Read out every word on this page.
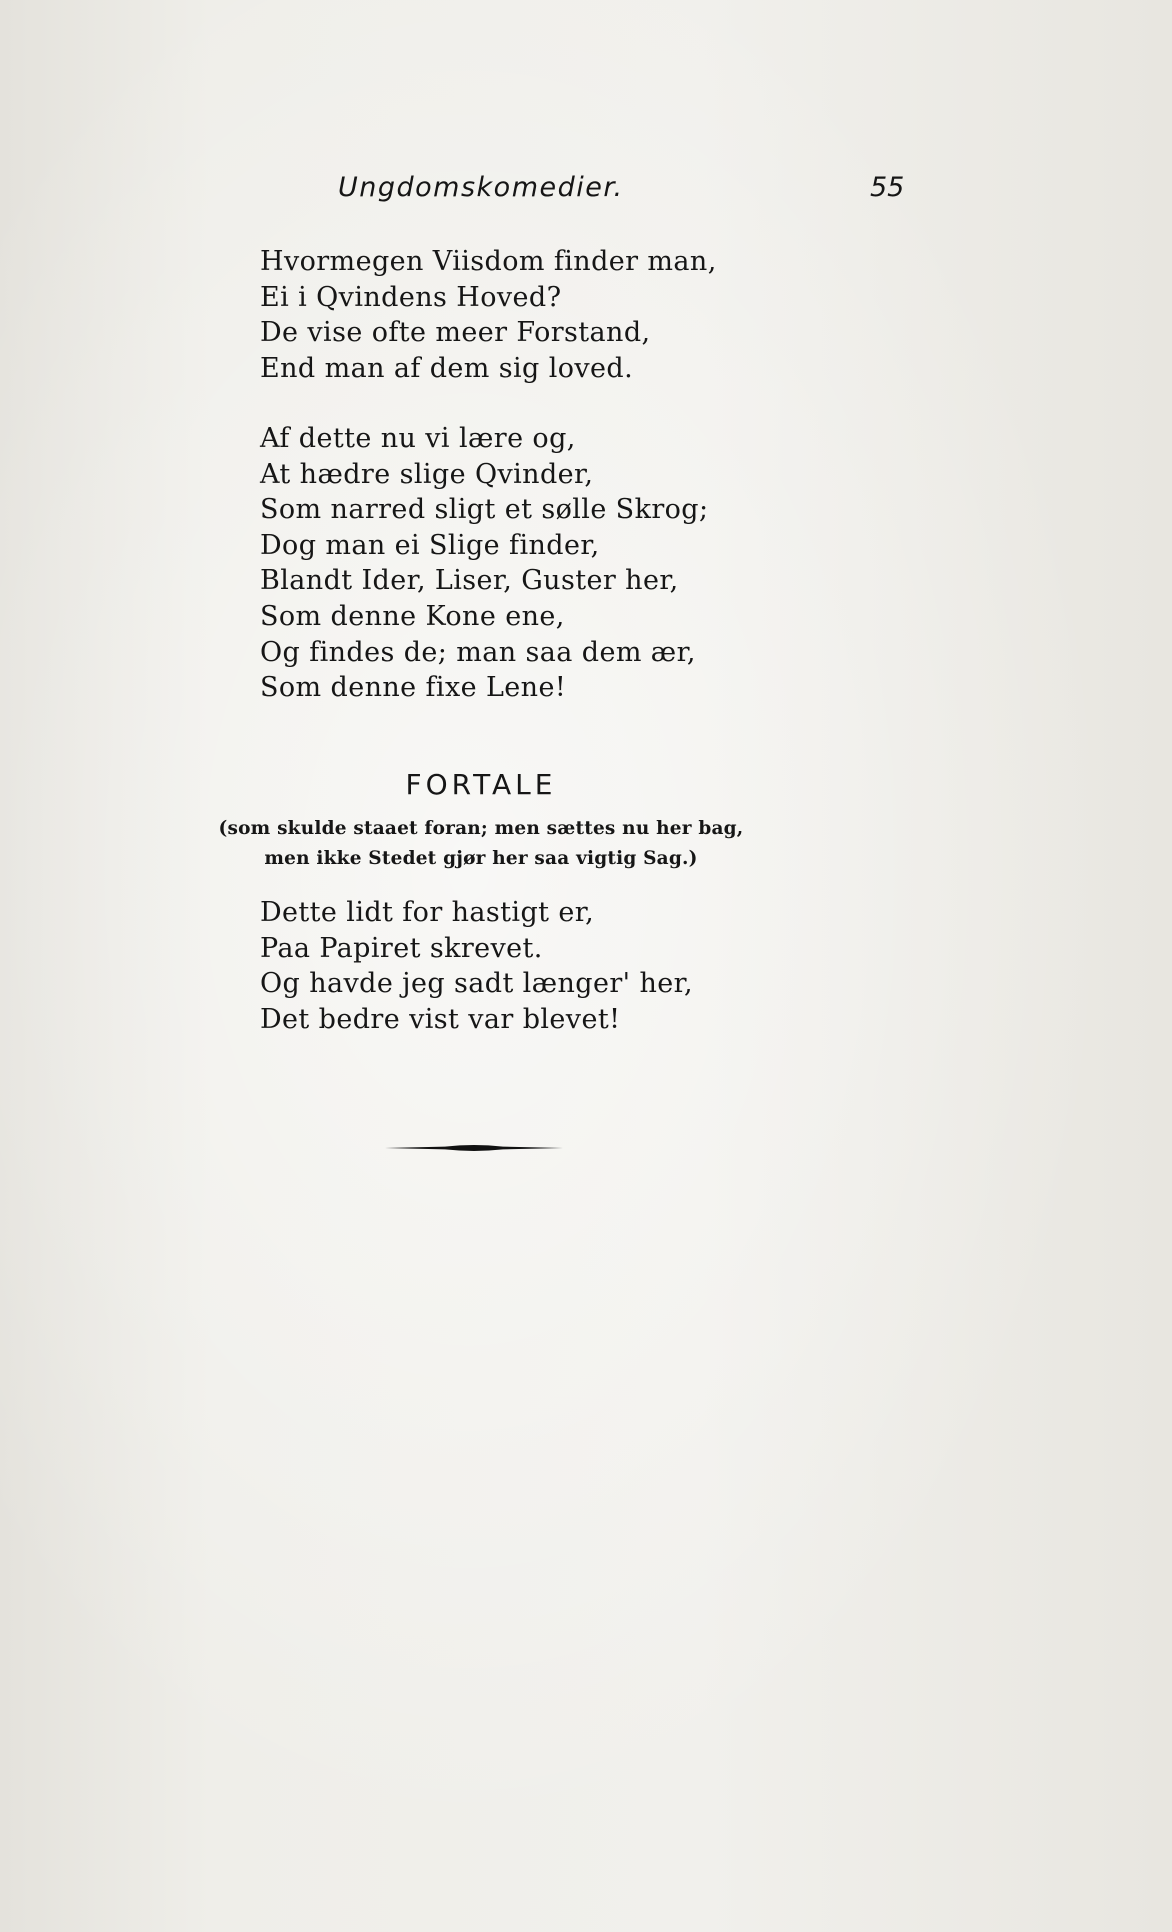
Ungdomskomedier.	55
Hvormegen Viisdom finder man,
Ei i Qvindens Hoved?
De vise ofte meer Forstand,
End man af dem sig loved.
Af dette nu vi lære og,
At hædre slige Qvinder,
Som narred sligt et sølle Skrog;
Dog man ei Slige finder,
Blandt Ider, Liser, Guster her,
Som denne Kone ene,
Og findes de; man saa dem ær,
Som denne fixe Lene!
FORTALE
(som skulde staaet foran; men sættes nu her bag,
men ikke Stedet gjør her saa vigtig Sag.)
Dette lidt for hastigt er,
Paa Papiret skrevet.
Og havde jeg sadt længer' her,
Det bedre vist var blevet!
